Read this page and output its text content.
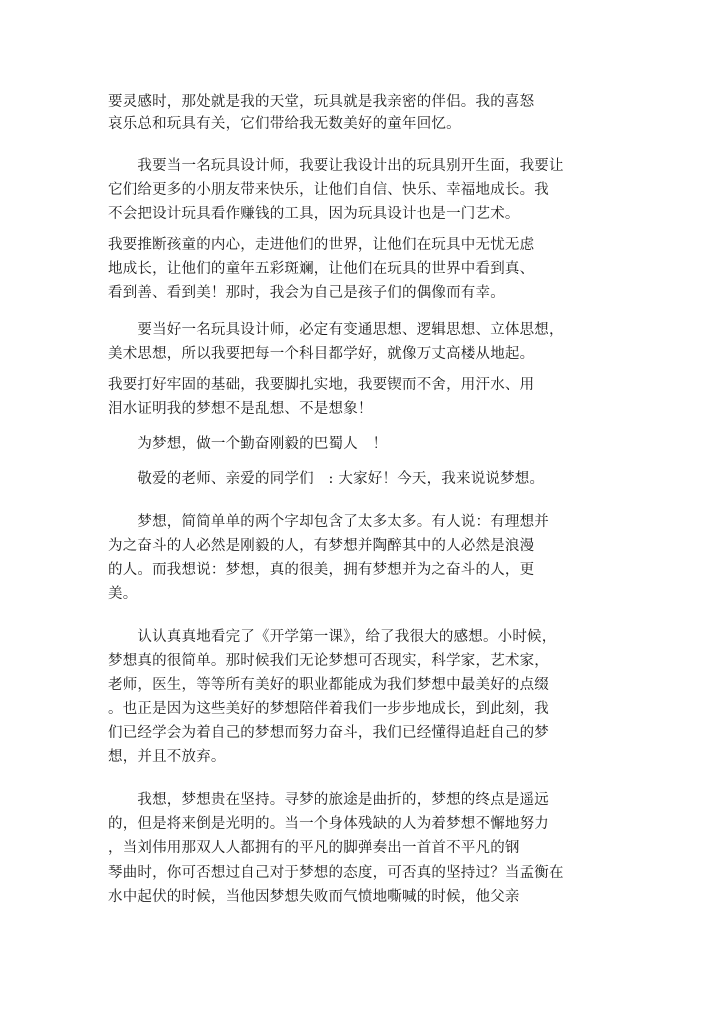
要灵感时，那处就是我的天堂，玩具就是我亲密的伴侣。我的喜怒
哀乐总和玩具有关，它们带给我无数美好的童年回忆。
　　我要当一名玩具设计师，我要让我设计出的玩具别开生面，我要让
它们给更多的小朋友带来快乐，让他们自信、快乐、幸福地成长。我
不会把设计玩具看作赚钱的工具，因为玩具设计也是一门艺术。
我要推断孩童的内心，走进他们的世界，让他们在玩具中无忧无虑
地成长，让他们的童年五彩斑斓，让他们在玩具的世界中看到真、
看到善、看到美！那时，我会为自己是孩子们的偶像而有幸。
　　要当好一名玩具设计师，必定有变通思想、逻辑思想、立体思想，
美术思想，所以我要把每一个科目都学好，就像万丈高楼从地起。
我要打好牢固的基础，我要脚扎实地，我要锲而不舍，用汗水、用
泪水证明我的梦想不是乱想、不是想象！
　　为梦想，做一个勤奋刚毅的巴蜀人　！
　　敬爱的老师、亲爱的同学们　: 大家好！今天，我来说说梦想。
　　梦想，简简单单的两个字却包含了太多太多。有人说：有理想并
为之奋斗的人必然是刚毅的人，有梦想并陶醉其中的人必然是浪漫
的人。而我想说：梦想，真的很美，拥有梦想并为之奋斗的人，更
美。
　　认认真真地看完了《开学第一课》，给了我很大的感想。小时候，
梦想真的很简单。那时候我们无论梦想可否现实，科学家，艺术家，
老师，医生，等等所有美好的职业都能成为我们梦想中最美好的点缀
。也正是因为这些美好的梦想陪伴着我们一步步地成长，到此刻，我
们已经学会为着自己的梦想而努力奋斗，我们已经懂得追赶自己的梦
想，并且不放弃。
　　我想，梦想贵在坚持。寻梦的旅途是曲折的，梦想的终点是遥远
的，但是将来倒是光明的。当一个身体残缺的人为着梦想不懈地努力
，当刘伟用那双人人都拥有的平凡的脚弹奏出一首首不平凡的钢
琴曲时，你可否想过自己对于梦想的态度，可否真的坚持过？当孟衡在
水中起伏的时候，当他因梦想失败而气愤地嘶喊的时候，他父亲
